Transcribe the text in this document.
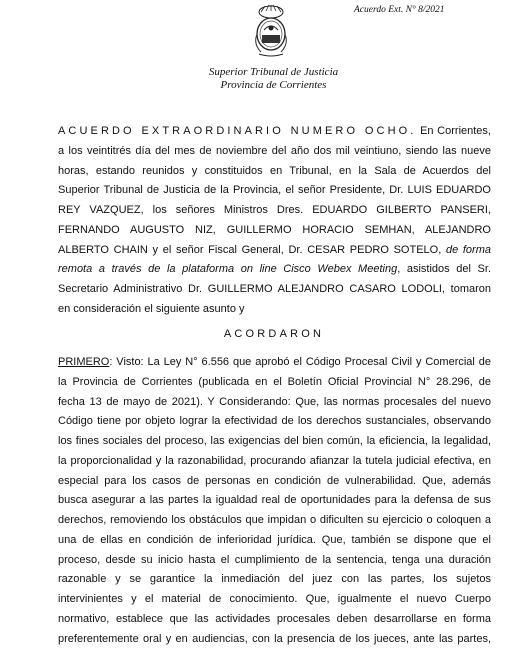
Acuerdo Ext. N° 8/2021
Superior Tribunal de Justicia
Provincia de Corrientes
ACUERDO EXTRAORDINARIO NUMERO OCHO. En Corrientes,
a los veintitrés día del mes de noviembre del año dos mil veintiuno, siendo las nueve
horas, estando reunidos y constituidos en Tribunal, en la Sala de Acuerdos del
Superior Tribunal de Justicia de la Provincia, el señor Presidente, Dr. LUIS EDUARDO
REY VAZQUEZ, los señores Ministros Dres. EDUARDO GILBERTO PANSERI,
FERNANDO AUGUSTO NIZ, GUILLERMO HORACIO SEMHAN, ALEJANDRO
ALBERTO CHAIN y el señor Fiscal General, Dr. CESAR PEDRO SOTELO, de forma
remota a través de la plataforma on line Cisco Webex Meeting, asistidos del Sr.
Secretario Administrativo Dr. GUILLERMO ALEJANDRO CASARO LODOLI, tomaron
en consideración el siguiente asunto y
ACORDARON
PRIMERO: Visto: La Ley N° 6.556 que aprobó el Código Procesal Civil y Comercial de
la Provincia de Corrientes (publicada en el Boletín Oficial Provincial N° 28.296, de
fecha 13 de mayo de 2021). Y Considerando: Que, las normas procesales del nuevo
Código tiene por objeto lograr la efectividad de los derechos sustanciales, observando
los fines sociales del proceso, las exigencias del bien común, la eficiencia, la legalidad,
la proporcionalidad y la razonabilidad, procurando afianzar la tutela judicial efectiva, en
especial para los casos de personas en condición de vulnerabilidad. Que, además
busca asegurar a las partes la igualdad real de oportunidades para la defensa de sus
derechos, removiendo los obstáculos que impidan o dificulten su ejercicio o coloquen a
una de ellas en condición de inferioridad jurídica. Que, también se dispone que el
proceso, desde su inicio hasta el cumplimiento de la sentencia, tenga una duración
razonable y se garantice la inmediación del juez con las partes, los sujetos
intervinientes y el material de conocimiento. Que, igualmente el nuevo Cuerpo
normativo, establece que las actividades procesales deben desarrollarse en forma
preferentemente oral y en audiencias, con la presencia de los jueces, ante las partes,
